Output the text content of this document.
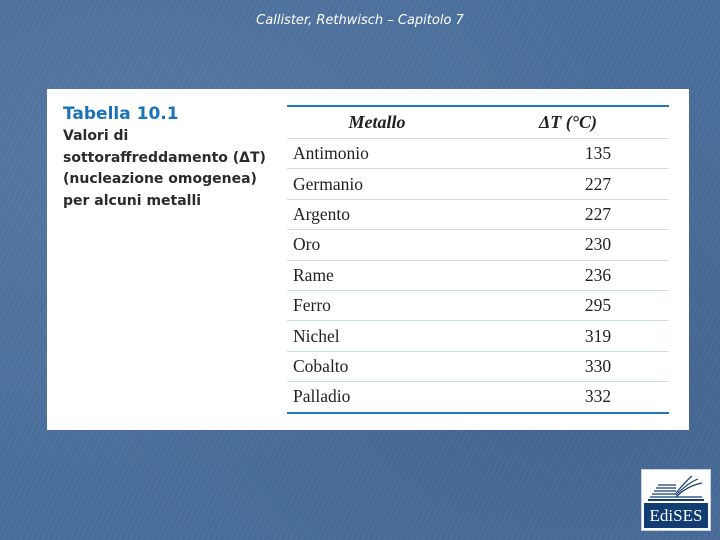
Callister, Rethwisch – Capitolo 7
Tabella 10.1
Valori di sottoraffreddamento (ΔT) (nucleazione omogenea) per alcuni metalli
Metallo	ΔT (°C)
Antimonio	135
Germanio	227
Argento	227
Oro	230
Rame	236
Ferro	295
Nichel	319
Cobalto	330
Palladio	332
EdiSES
